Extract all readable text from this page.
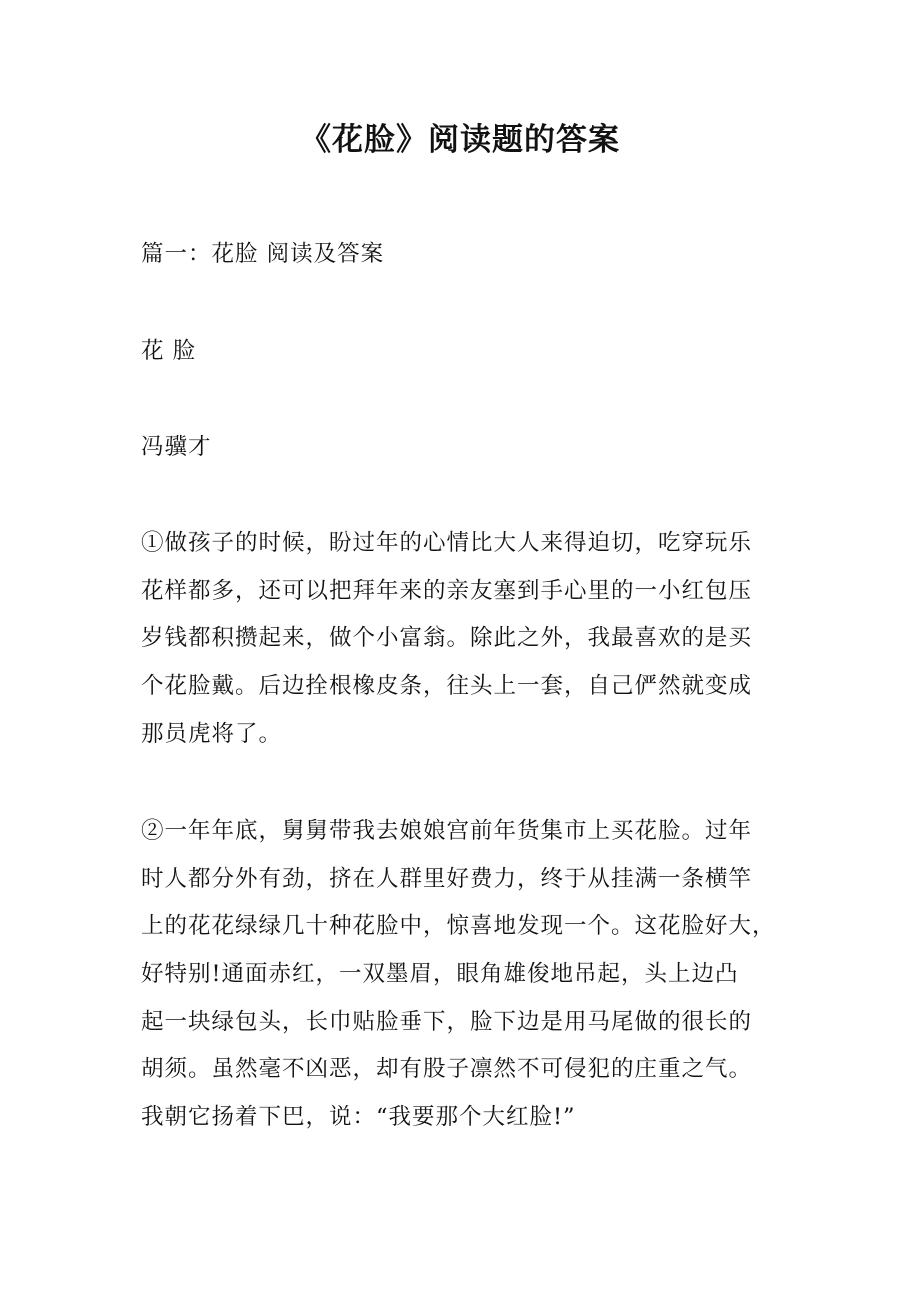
《花脸》阅读题的答案
篇一：花脸 阅读及答案
花 脸
冯骥才
①做孩子的时候，盼过年的心情比大人来得迫切，吃穿玩乐
花样都多，还可以把拜年来的亲友塞到手心里的一小红包压
岁钱都积攒起来，做个小富翁。除此之外，我最喜欢的是买
个花脸戴。后边拴根橡皮条，往头上一套，自己俨然就变成
那员虎将了。
②一年年底，舅舅带我去娘娘宫前年货集市上买花脸。过年
时人都分外有劲，挤在人群里好费力，终于从挂满一条横竿
上的花花绿绿几十种花脸中，惊喜地发现一个。这花脸好大，
好特别!通面赤红，一双墨眉，眼角雄俊地吊起，头上边凸
起一块绿包头，长巾贴脸垂下，脸下边是用马尾做的很长的
胡须。虽然毫不凶恶，却有股子凛然不可侵犯的庄重之气。
我朝它扬着下巴，说：“我要那个大红脸!”
